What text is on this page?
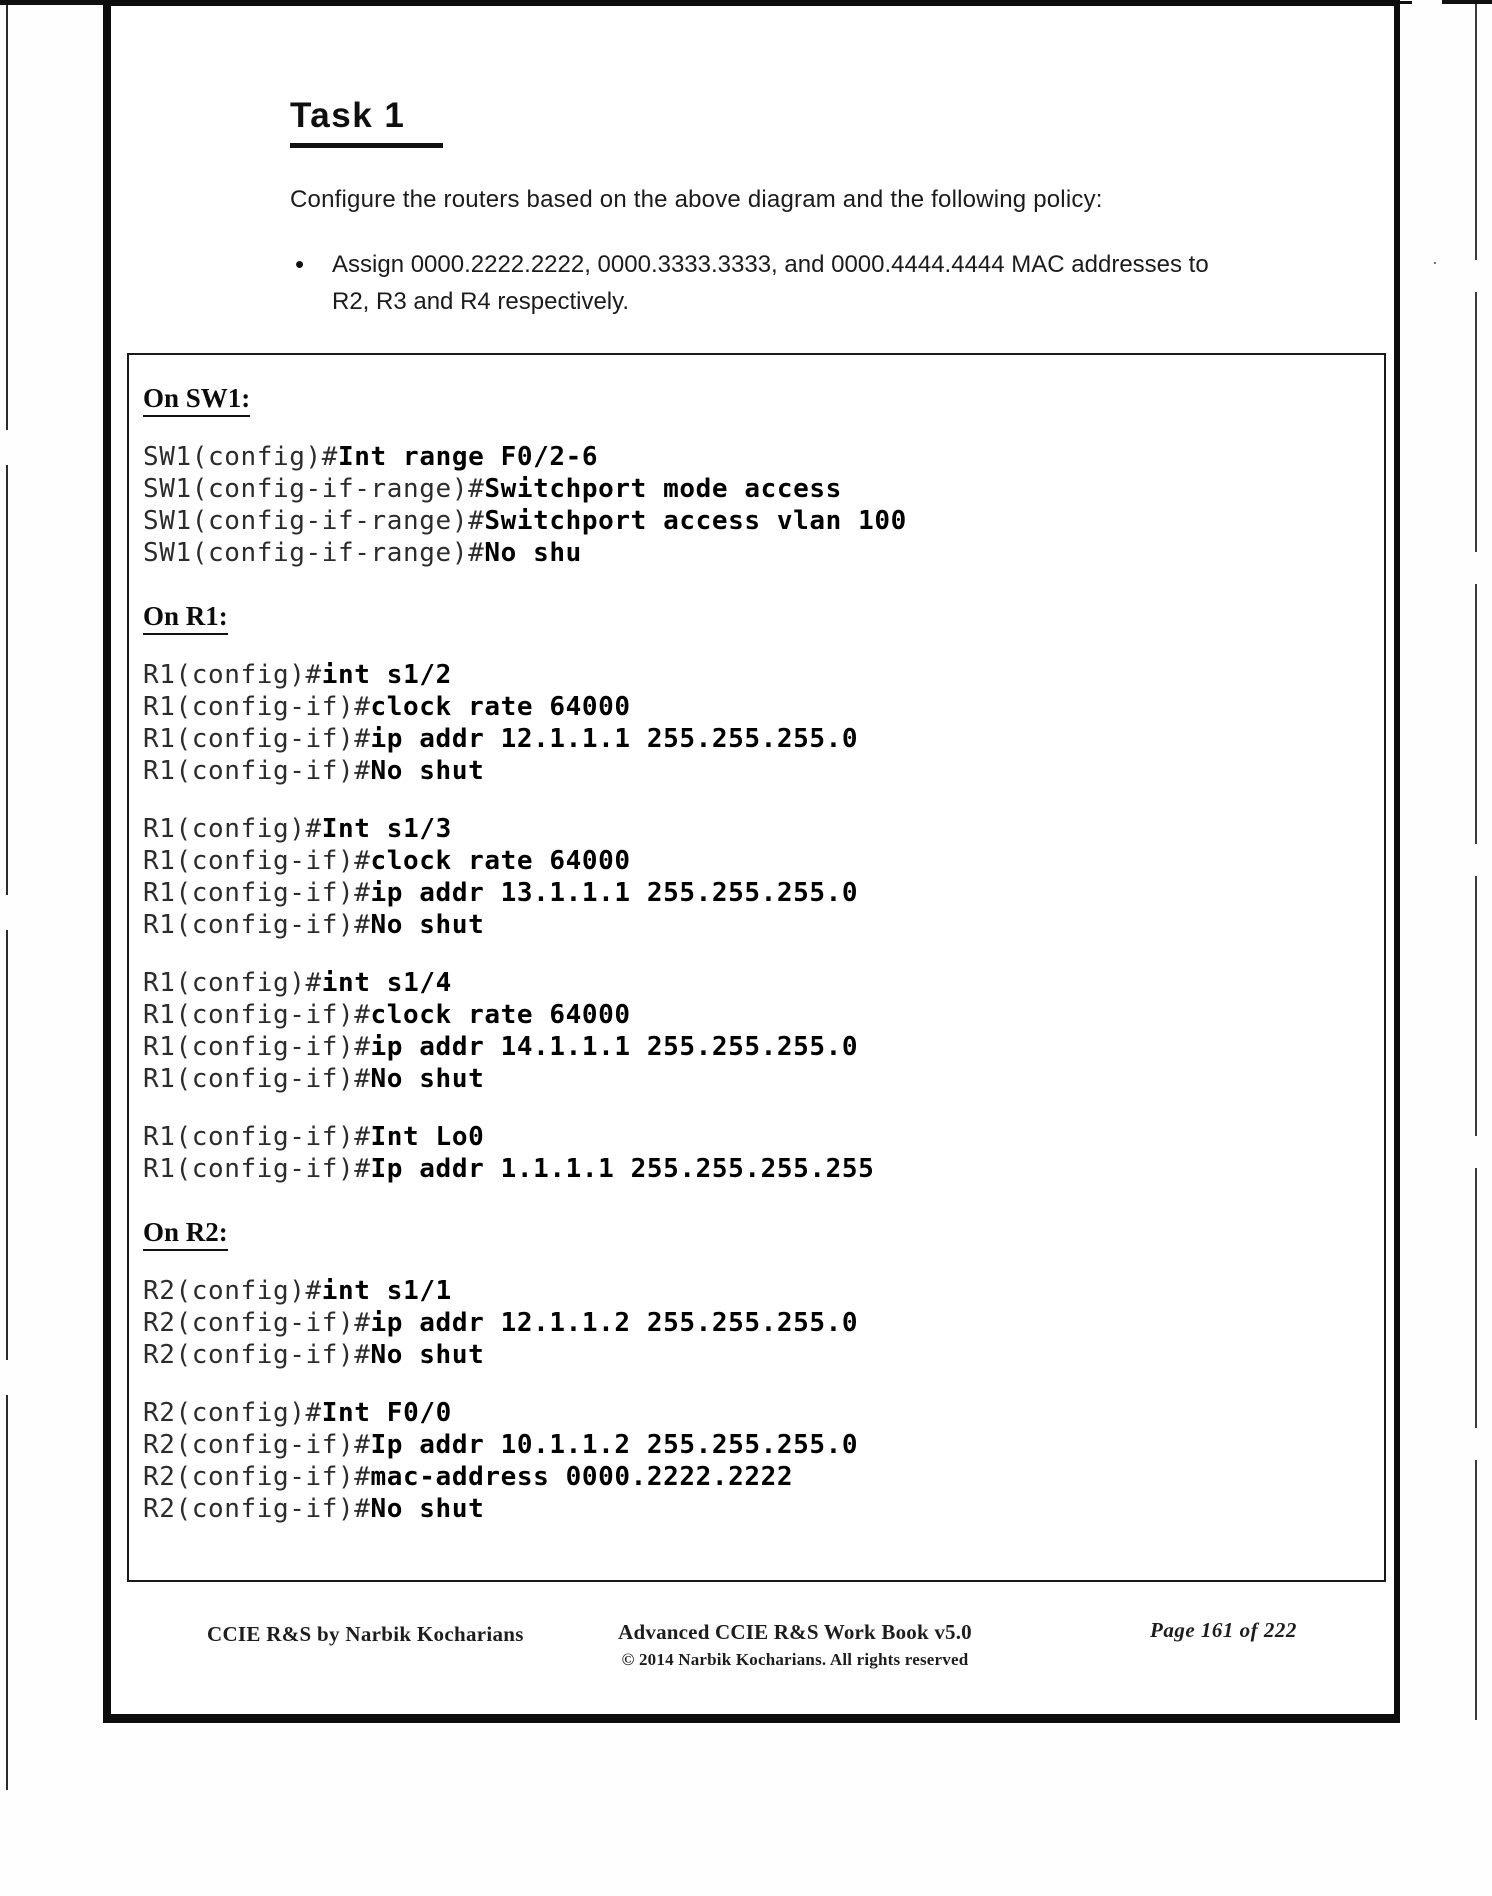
Task 1
Configure the routers based on the above diagram and the following policy:
• Assign 0000.2222.2222, 0000.3333.3333, and 0000.4444.4444 MAC addresses to R2, R3 and R4 respectively.
On SW1:
SW1(config)#Int range F0/2-6
SW1(config-if-range)#Switchport mode access
SW1(config-if-range)#Switchport access vlan 100
SW1(config-if-range)#No shu
On R1:
R1(config)#int s1/2
R1(config-if)#clock rate 64000
R1(config-if)#ip addr 12.1.1.1 255.255.255.0
R1(config-if)#No shut
R1(config)#Int s1/3
R1(config-if)#clock rate 64000
R1(config-if)#ip addr 13.1.1.1 255.255.255.0
R1(config-if)#No shut
R1(config)#int s1/4
R1(config-if)#clock rate 64000
R1(config-if)#ip addr 14.1.1.1 255.255.255.0
R1(config-if)#No shut
R1(config-if)#Int Lo0
R1(config-if)#Ip addr 1.1.1.1 255.255.255.255
On R2:
R2(config)#int s1/1
R2(config-if)#ip addr 12.1.1.2 255.255.255.0
R2(config-if)#No shut
R2(config)#Int F0/0
R2(config-if)#Ip addr 10.1.1.2 255.255.255.0
R2(config-if)#mac-address 0000.2222.2222
R2(config-if)#No shut
CCIE R&S by Narbik Kocharians	Advanced CCIE R&S Work Book v5.0
© 2014 Narbik Kocharians. All rights reserved
Page 161 of 222
